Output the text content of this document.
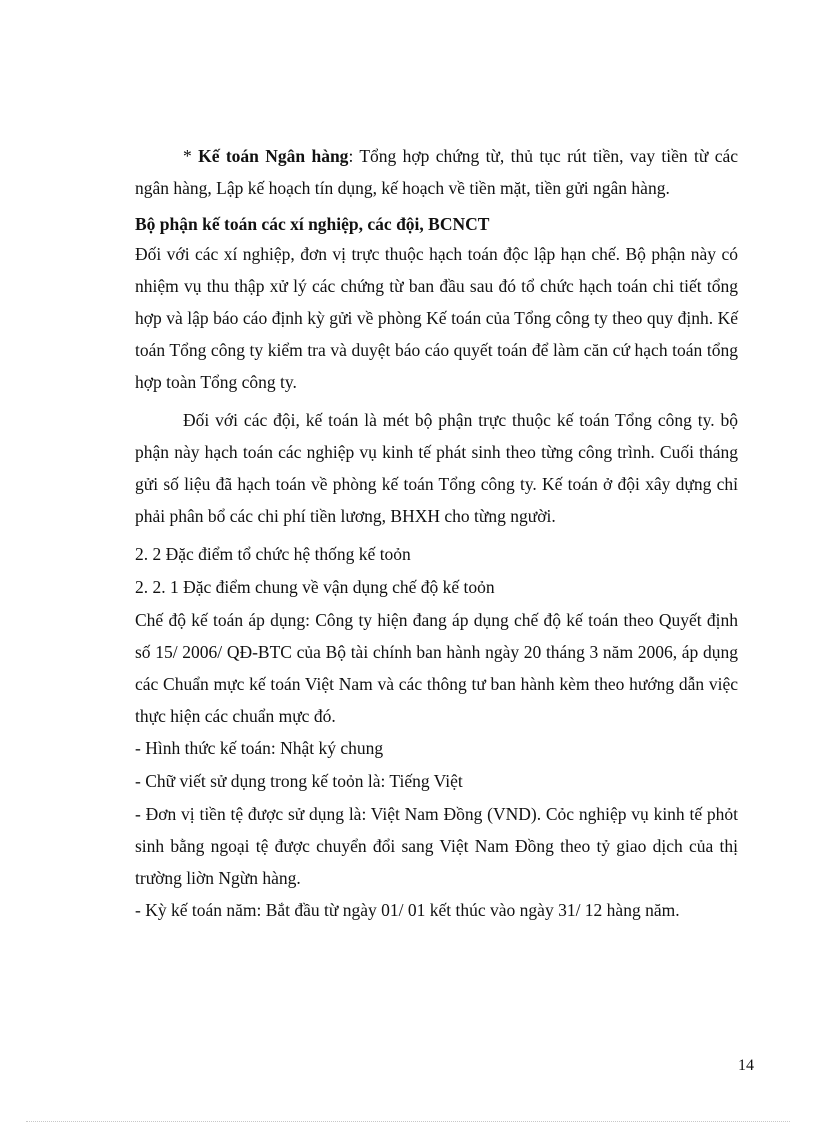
* Kế toán Ngân hàng: Tổng hợp chứng từ, thủ tục rút tiền, vay tiền từ các ngân hàng, Lập kế hoạch tín dụng, kế hoạch về tiền mặt, tiền gửi ngân hàng.

Bộ phận kế toán các xí nghiệp, các đội, BCNCT

Đối với các xí nghiệp, đơn vị trực thuộc hạch toán độc lập hạn chế. Bộ phận này có nhiệm vụ thu thập xử lý các chứng từ ban đầu sau đó tổ chức hạch toán chi tiết tổng hợp và lập báo cáo định kỳ gửi về phòng Kế toán của Tổng công ty theo quy định. Kế toán Tổng công ty kiểm tra và duyệt báo cáo quyết toán để làm căn cứ hạch toán tổng hợp toàn Tổng công ty.

Đối với các đội, kế toán là mét bộ phận trực thuộc kế toán Tổng công ty. bộ phận này hạch toán các nghiệp vụ kinh tế phát sinh theo từng công trình. Cuối tháng gửi số liệu đã hạch toán về phòng kế toán Tổng công ty. Kế toán ở đội xây dựng chỉ phải phân bổ các chi phí tiền lương, BHXH cho từng người.

2. 2 Đặc điểm tổ chức hệ thống kế toỏn

2. 2. 1 Đặc điểm chung về vận dụng chế độ kế toỏn

Chế độ kế toán áp dụng: Công ty hiện đang áp dụng chế độ kế toán theo Quyết định số 15/ 2006/ QĐ-BTC của Bộ tài chính ban hành ngày 20 tháng 3 năm 2006, áp dụng các Chuẩn mực kế toán Việt Nam và các thông tư ban hành kèm theo hướng dẫn việc thực hiện các chuẩn mực đó.

- Hình thức kế toán: Nhật ký chung

- Chữ viết sử dụng trong kế toỏn là: Tiếng Việt

- Đơn vị tiền tệ được sử dụng là: Việt Nam Đồng (VND). Cỏc nghiệp vụ kinh tế phỏt sinh bằng ngoại tệ được chuyển đổi sang Việt Nam Đồng theo tỷ giao dịch của thị trường liờn Ngừn hàng.

- Kỳ kế toán năm: Bắt đầu từ ngày 01/ 01 kết thúc vào ngày 31/ 12 hàng năm.

14
